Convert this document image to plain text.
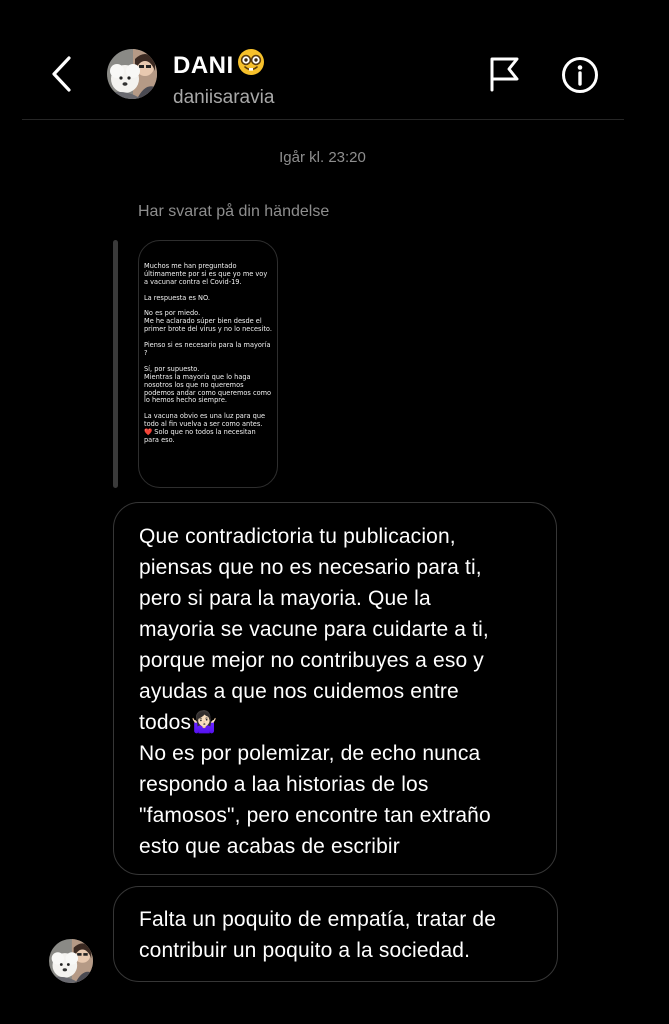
DANI
daniisaravia
Igår kl. 23:20
Har svarat på din händelse
Muchos me han preguntado últimamente por si es que yo me voy a vacunar contra el Covid-19.

La respuesta es NO.

No es por miedo.
Me he aclarado súper bien desde el primer brote del virus y no lo necesito.

Pienso si es necesario para la mayoría ?

Sí, por supuesto.
Mientras la mayoría que lo haga nosotros los que no queremos podemos andar como queremos como lo hemos hecho siempre.

La vacuna obvio es una luz para que todo al fin vuelva a ser como antes. ❤️ Solo que no todos la necesitan para eso.
Que contradictoria tu publicacion,
piensas que no es necesario para ti,
pero si para la mayoria. Que la
mayoria se vacune para cuidarte a ti,
porque mejor no contribuyes a eso y
ayudas a que nos cuidemos entre
todos🤷🏻‍♀️
No es por polemizar, de echo nunca
respondo a laa historias de los
"famosos", pero encontre tan extraño
esto que acabas de escribir
Falta un poquito de empatía, tratar de
contribuir un poquito a la sociedad.
